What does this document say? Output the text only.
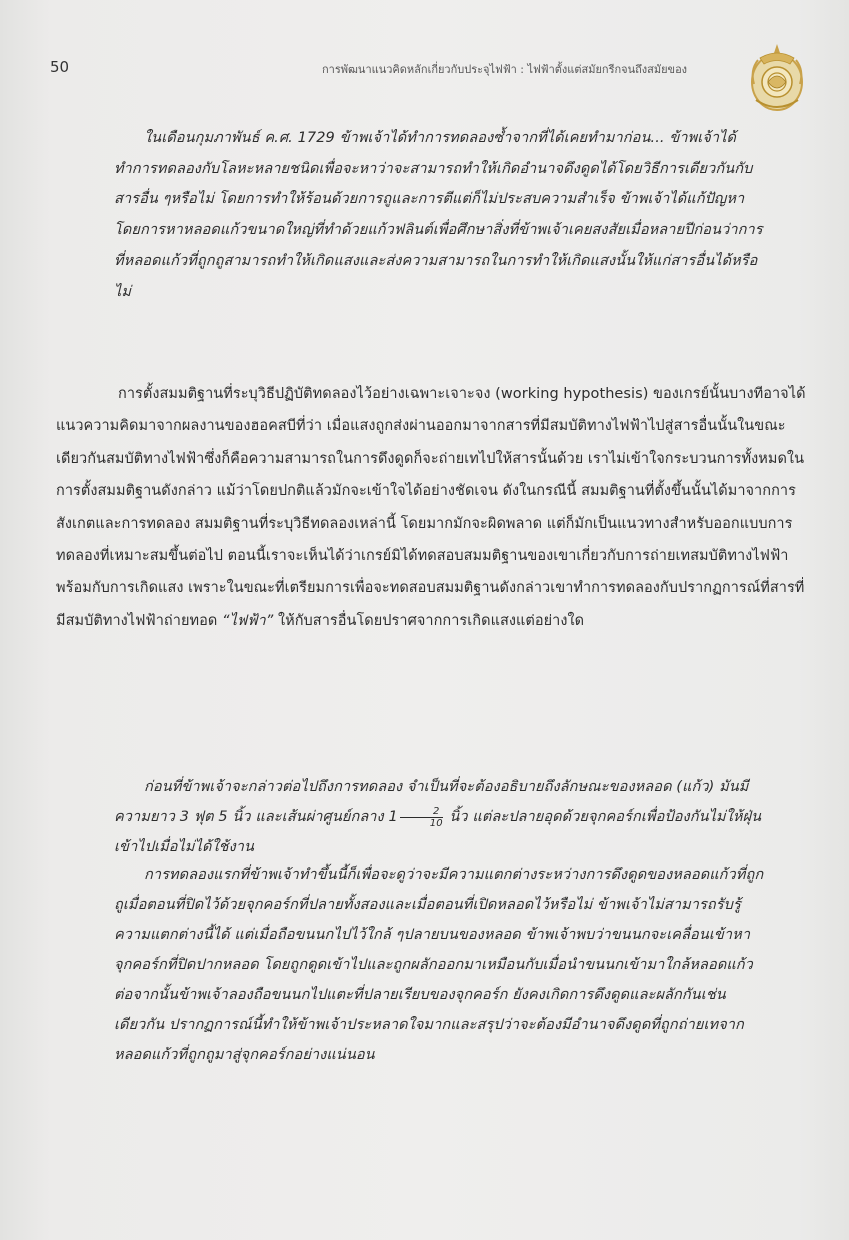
50	การพัฒนาแนวคิดหลักเกี่ยวกับประจุไฟฟ้า : ไฟฟ้าตั้งแต่สมัยกรีกจนถึงสมัยของ

ในเดือนกุมภาพันธ์ ค.ศ. 1729 ข้าพเจ้าได้ทำการทดลองซ้ำจากที่ได้เคยทำมาก่อน... ข้าพเจ้าได้ทำการทดลองกับโลหะหลายชนิดเพื่อจะหาว่าจะสามารถทำให้เกิดอำนาจดึงดูดได้โดยวิธีการเดียวกันกับสารอื่น ๆหรือไม่ โดยการทำให้ร้อนด้วยการถูและการตีแต่ก็ไม่ประสบความสำเร็จ ข้าพเจ้าได้แก้ปัญหาโดยการหาหลอดแก้วขนาดใหญ่ที่ทำด้วยแก้วฟลินต์เพื่อศึกษาสิ่งที่ข้าพเจ้าเคยสงสัยเมื่อหลายปีก่อนว่าการที่หลอดแก้วที่ถูกถูสามารถทำให้เกิดแสงและส่งความสามารถในการทำให้เกิดแสงนั้นให้แก่สารอื่นได้หรือไม่

การตั้งสมมติฐานที่ระบุวิธีปฏิบัติทดลองไว้อย่างเฉพาะเจาะจง (working hypothesis) ของเกรย์นั้นบางทีอาจได้แนวความคิดมาจากผลงานของฮอคสบีที่ว่า เมื่อแสงถูกส่งผ่านออกมาจากสารที่มีสมบัติทางไฟฟ้าไปสู่สารอื่นนั้นในขณะเดียวกันสมบัติทางไฟฟ้าซึ่งก็คือความสามารถในการดึงดูดก็จะถ่ายเทไปให้สารนั้นด้วย เราไม่เข้าใจกระบวนการทั้งหมดในการตั้งสมมติฐานดังกล่าว แม้ว่าโดยปกติแล้วมักจะเข้าใจได้อย่างชัดเจน ดังในกรณีนี้ สมมติฐานที่ตั้งขึ้นนั้นได้มาจากการสังเกตและการทดลอง สมมติฐานที่ระบุวิธีทดลองเหล่านี้ โดยมากมักจะผิดพลาด แต่ก็มักเป็นแนวทางสำหรับออกแบบการทดลองที่เหมาะสมขึ้นต่อไป ตอนนี้เราจะเห็นได้ว่าเกรย์มิได้ทดสอบสมมติฐานของเขาเกี่ยวกับการถ่ายเทสมบัติทางไฟฟ้าพร้อมกับการเกิดแสง เพราะในขณะที่เตรียมการเพื่อจะทดสอบสมมติฐานดังกล่าวเขาทำการทดลองกับปรากฏการณ์ที่สารที่มีสมบัติทางไฟฟ้าถ่ายทอด “ไฟฟ้า” ให้กับสารอื่นโดยปราศจากการเกิดแสงแต่อย่างใด

ก่อนที่ข้าพเจ้าจะกล่าวต่อไปถึงการทดลอง จำเป็นที่จะต้องอธิบายถึงลักษณะของหลอด (แก้ว) มันมีความยาว 3 ฟุต 5 นิ้ว และเส้นผ่าศูนย์กลาง $1 \frac{2}{10}$ นิ้ว แต่ละปลายอุดด้วยจุกคอร์กเพื่อป้องกันไม่ให้ฝุ่นเข้าไปเมื่อไม่ได้ใช้งาน

การทดลองแรกที่ข้าพเจ้าทำขึ้นนี้ก็เพื่อจะดูว่าจะมีความแตกต่างระหว่างการดึงดูดของหลอดแก้วที่ถูกถูเมื่อตอนที่ปิดไว้ด้วยจุกคอร์กที่ปลายทั้งสองและเมื่อตอนที่เปิดหลอดไว้หรือไม่ ข้าพเจ้าไม่สามารถรับรู้ความแตกต่างนี้ได้ แต่เมื่อถือขนนกไปไว้ใกล้ ๆปลายบนของหลอด ข้าพเจ้าพบว่าขนนกจะเคลื่อนเข้าหาจุกคอร์กที่ปิดปากหลอด โดยถูกดูดเข้าไปและถูกผลักออกมาเหมือนกับเมื่อนำขนนกเข้ามาใกล้หลอดแก้ว ต่อจากนั้นข้าพเจ้าลองถือขนนกไปแตะที่ปลายเรียบของจุกคอร์ก ยังคงเกิดการดึงดูดและผลักกันเช่นเดียวกัน ปรากฏการณ์นี้ทำให้ข้าพเจ้าประหลาดใจมากและสรุปว่าจะต้องมีอำนาจดึงดูดที่ถูกถ่ายเทจากหลอดแก้วที่ถูกถูมาสู่จุกคอร์กอย่างแน่นอน
